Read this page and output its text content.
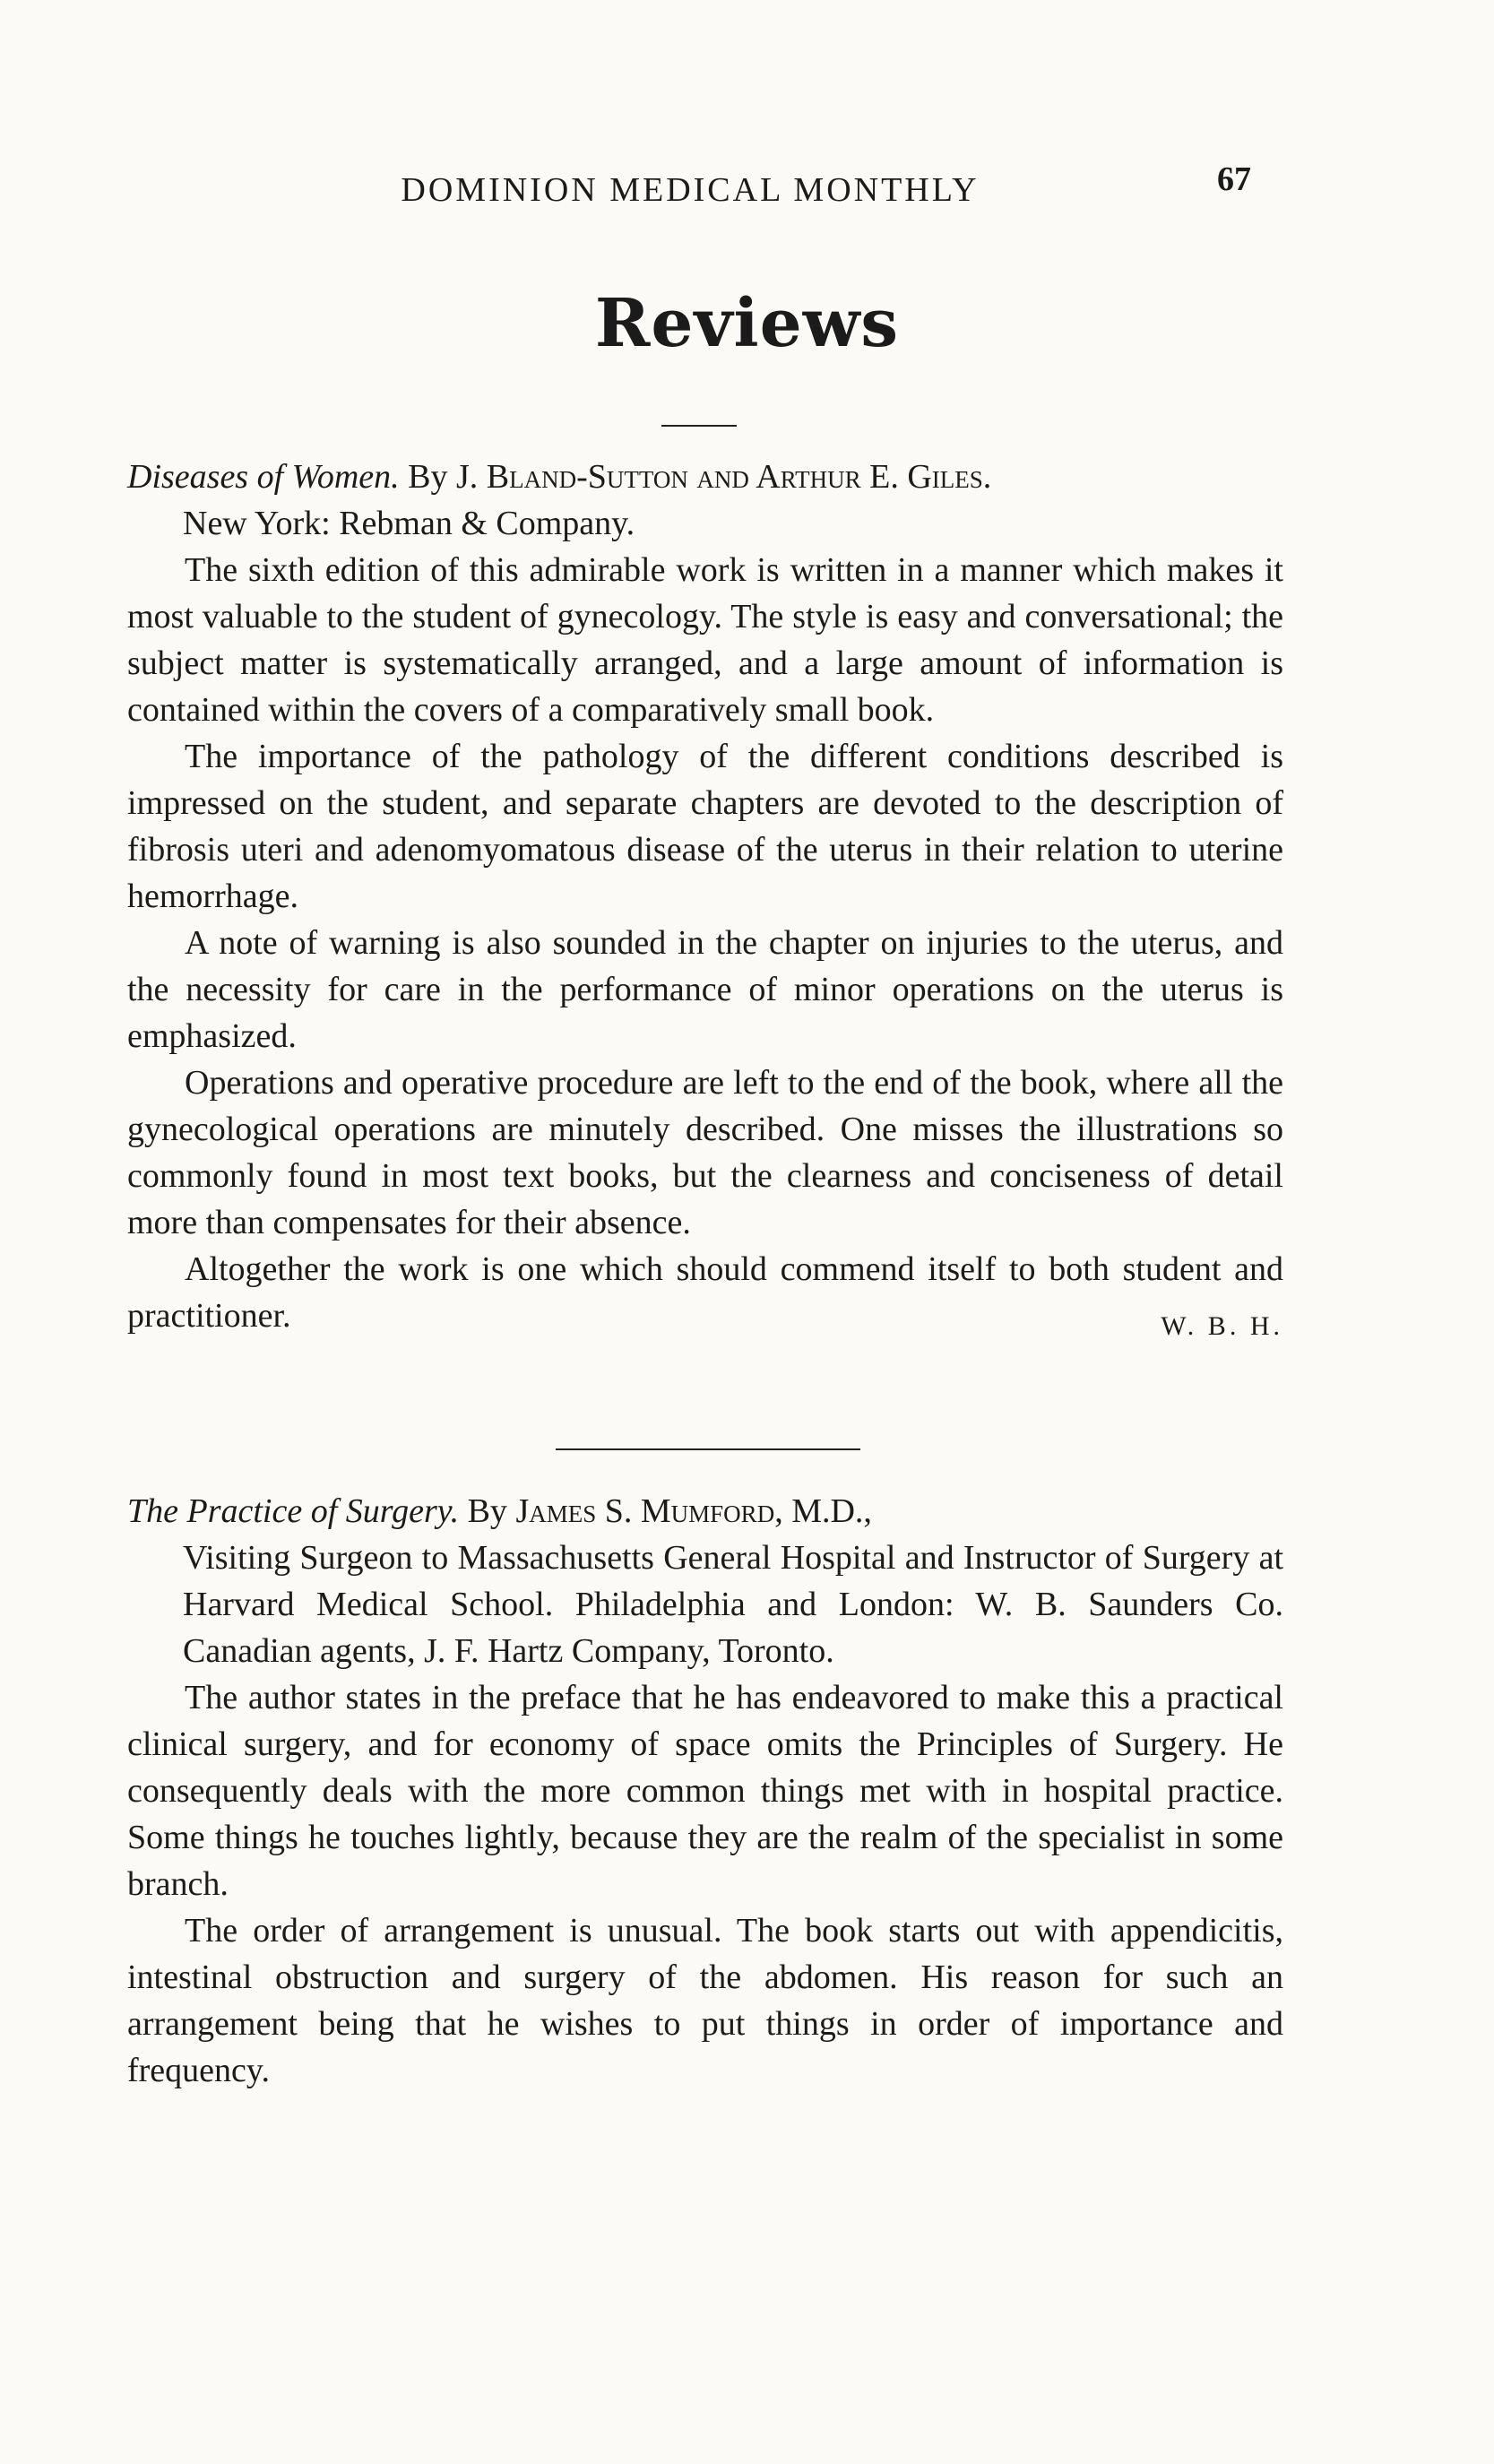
DOMINION MEDICAL MONTHLY	67
Reviews

Diseases of Women. By J. Bland-Sutton and Arthur E. Giles.

New York: Rebman & Company.

The sixth edition of this admirable work is written in a manner which makes it most valuable to the student of gynecology. The style is easy and conversational; the subject matter is systematically arranged, and a large amount of information is contained within the covers of a comparatively small book.

The importance of the pathology of the different conditions described is impressed on the student, and separate chapters are devoted to the description of fibrosis uteri and adenomyomatous disease of the uterus in their relation to uterine hemorrhage.

A note of warning is also sounded in the chapter on injuries to the uterus, and the necessity for care in the performance of minor operations on the uterus is emphasized.

Operations and operative procedure are left to the end of the book, where all the gynecological operations are minutely described. One misses the illustrations so commonly found in most text books, but the clearness and conciseness of detail more than compensates for their absence.

Altogether the work is one which should commend itself to both student and practitioner.	W. B. H.

The Practice of Surgery. By James S. Mumford, M.D.,

Visiting Surgeon to Massachusetts General Hospital and Instructor of Surgery at Harvard Medical School. Philadelphia and London: W. B. Saunders Co. Canadian agents, J. F. Hartz Company, Toronto.

The author states in the preface that he has endeavored to make this a practical clinical surgery, and for economy of space omits the Principles of Surgery. He consequently deals with the more common things met with in hospital practice. Some things he touches lightly, because they are the realm of the specialist in some branch.

The order of arrangement is unusual. The book starts out with appendicitis, intestinal obstruction and surgery of the abdomen. His reason for such an arrangement being that he wishes to put things in order of importance and frequency.
